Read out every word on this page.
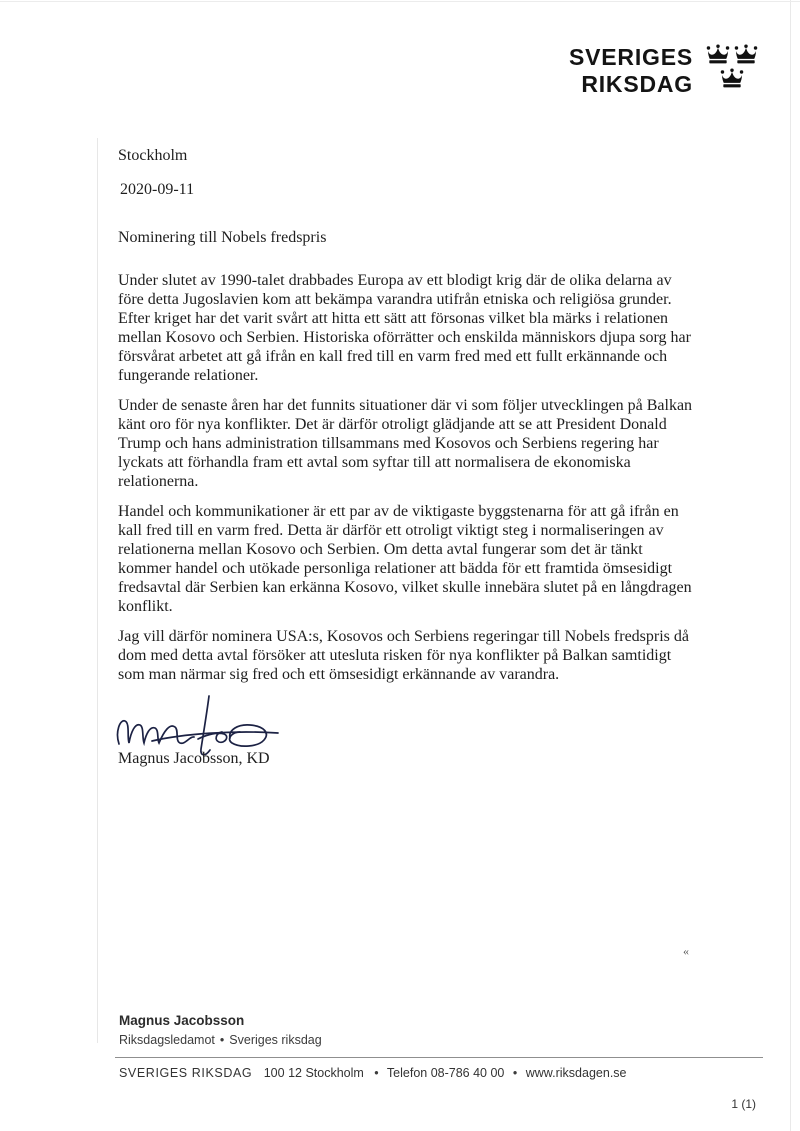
«
SVERIGES
RIKSDAG

Stockholm

2020-09-11

Nominering till Nobels fredspris

Under slutet av 1990-talet drabbades Europa av ett blodigt krig där de olika delarna av före detta Jugoslavien kom att bekämpa varandra utifrån etniska och religiösa grunder. Efter kriget har det varit svårt att hitta ett sätt att försonas vilket bla märks i relationen mellan Kosovo och Serbien. Historiska oförrätter och enskilda människors djupa sorg har försvårat arbetet att gå ifrån en kall fred till en varm fred med ett fullt erkännande och fungerande relationer.

Under de senaste åren har det funnits situationer där vi som följer utvecklingen på Balkan känt oro för nya konflikter. Det är därför otroligt glädjande att se att President Donald Trump och hans administration tillsammans med Kosovos och Serbiens regering har lyckats att förhandla fram ett avtal som syftar till att normalisera de ekonomiska relationerna.

Handel och kommunikationer är ett par av de viktigaste byggstenarna för att gå ifrån en kall fred till en varm fred. Detta är därför ett otroligt viktigt steg i normaliseringen av relationerna mellan Kosovo och Serbien. Om detta avtal fungerar som det är tänkt kommer handel och utökade personliga relationer att bädda för ett framtida ömsesidigt fredsavtal där Serbien kan erkänna Kosovo, vilket skulle innebära slutet på en långdragen konflikt.

Jag vill därför nominera USA:s, Kosovos och Serbiens regeringar till Nobels fredspris då dom med detta avtal försöker att utesluta risken för nya konflikter på Balkan samtidigt som man närmar sig fred och ett ömsesidigt erkännande av varandra.

Magnus Jacobsson, KD

Magnus Jacobsson

Riksdagsledamot • Sveriges riksdag

SVERIGES RIKSDAG 100 12 Stockholm • Telefon 08-786 40 00 • www.riksdagen.se
1 (1)
